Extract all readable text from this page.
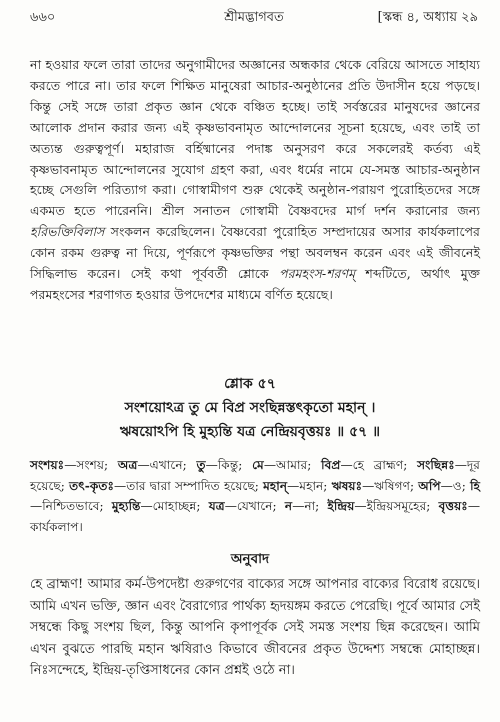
৬৬০	শ্রীমদ্ভাগবত	[স্কন্ধ ৪, অধ্যায় ২৯

না হওয়ার ফলে তারা তাদের অনুগামীদের অজ্ঞানের অন্ধকার থেকে বেরিয়ে আসতে সাহায্য করতে পারে না। তার ফলে শিক্ষিত মানুষেরা আচার-অনুষ্ঠানের প্রতি উদাসীন হয়ে পড়ছে। কিন্তু সেই সঙ্গে তারা প্রকৃত জ্ঞান থেকে বঞ্চিত হচ্ছে। তাই সর্বস্তরের মানুষদের জ্ঞানের আলোক প্রদান করার জন্য এই কৃষ্ণভাবনামৃত আন্দোলনের সূচনা হয়েছে, এবং তাই তা অত্যন্ত গুরুত্বপূর্ণ। মহারাজ বর্হিষ্মানের পদাঙ্ক অনুসরণ করে সকলেরই কর্তব্য এই কৃষ্ণভাবনামৃত আন্দোলনের সুযোগ গ্রহণ করা, এবং ধর্মের নামে যে-সমস্ত আচার-অনুষ্ঠান হচ্ছে সেগুলি পরিত্যাগ করা। গোস্বামীগণ শুরু থেকেই অনুষ্ঠান-পরায়ণ পুরোহিতদের সঙ্গে একমত হতে পারেননি। শ্রীল সনাতন গোস্বামী বৈষ্ণবদের মার্গ দর্শন করানোর জন্য হরিভক্তিবিলাস সংকলন করেছিলেন। বৈষ্ণবেরা পুরোহিত সম্প্রদায়ের অসার কার্যকলাপের কোন রকম গুরুত্ব না দিয়ে, পূর্ণরূপে কৃষ্ণভক্তির পন্থা অবলম্বন করেন এবং এই জীবনেই সিদ্ধিলাভ করেন। সেই কথা পূর্ববর্তী শ্লোকে পরমহংস-শরণম্‌ শব্দটিতে, অর্থাৎ মুক্ত পরমহংসের শরণাগত হওয়ার উপদেশের মাধ্যমে বর্ণিত হয়েছে।

শ্লোক ৫৭
সংশয়োঽত্র তু মে বিপ্র সংছিন্নস্তৎকৃতো মহান্‌ ।
ঋষয়োঽপি হি মুহ্যন্তি যত্র নেন্দ্রিয়বৃত্তয়ঃ ॥ ৫৭ ॥

সংশয়ঃ—সংশয়; অত্র—এখানে; তু—কিন্তু; মে—আমার; বিপ্র—হে ব্রাহ্মণ; সংছিন্নঃ—দূর হয়েছে; তৎ-কৃতঃ—তার দ্বারা সম্পাদিত হয়েছে; মহান্‌—মহান; ঋষয়ঃ—ঋষিগণ; অপি—ও; হি—নিশ্চিতভাবে; মুহ্যন্তি—মোহাচ্ছন্ন; যত্র—যেখানে; ন—না; ইন্দ্রিয়—ইন্দ্রিয়সমূহের; বৃত্তয়ঃ—কার্যকলাপ।

অনুবাদ

হে ব্রাহ্মণ! আমার কর্ম-উপদেষ্টা গুরুগণের বাক্যের সঙ্গে আপনার বাক্যের বিরোধ রয়েছে। আমি এখন ভক্তি, জ্ঞান এবং বৈরাগ্যের পার্থক্য হৃদয়ঙ্গম করতে পেরেছি। পূর্বে আমার সেই সম্বন্ধে কিছু সংশয় ছিল, কিন্তু আপনি কৃপাপূর্বক সেই সমস্ত সংশয় ছিন্ন করেছেন। আমি এখন বুঝতে পারছি মহান ঋষিরাও কিভাবে জীবনের প্রকৃত উদ্দেশ্য সম্বন্ধে মোহাচ্ছন্ন। নিঃসন্দেহে, ইন্দ্রিয়-তৃপ্তিসাধনের কোন প্রশ্নই ওঠে না।
